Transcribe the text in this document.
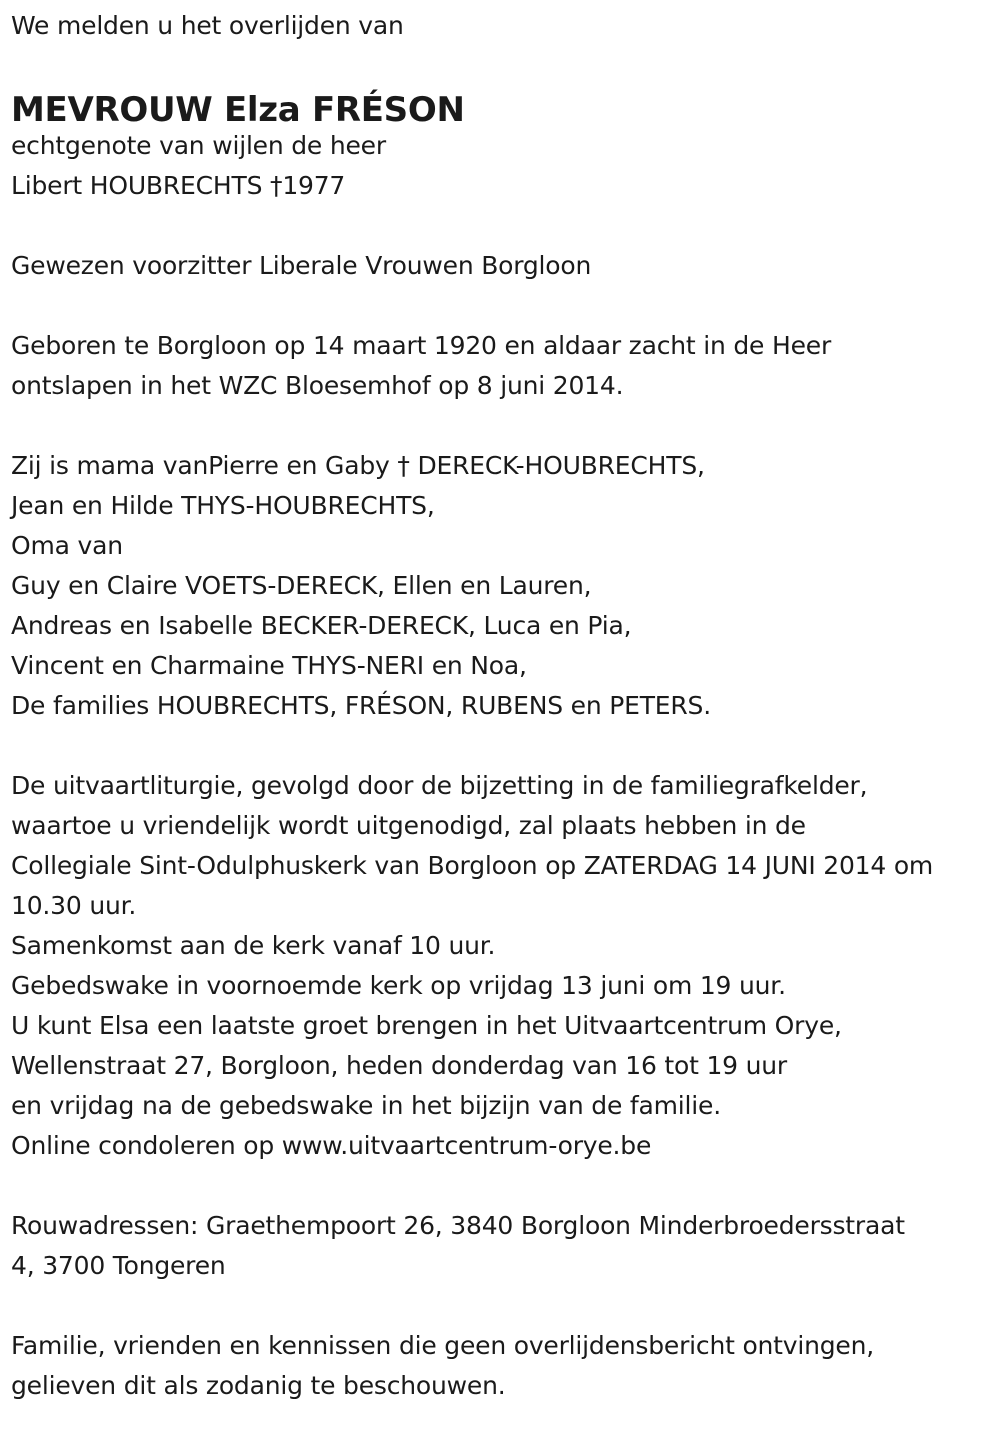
We melden u het overlijden van
MEVROUW Elza FRÉSON
echtgenote van wijlen de heer
Libert HOUBRECHTS †1977
Gewezen voorzitter Liberale Vrouwen Borgloon
Geboren te Borgloon op 14 maart 1920 en aldaar zacht in de Heer
ontslapen in het WZC Bloesemhof op 8 juni 2014.
Zij is mama vanPierre en Gaby † DERECK-HOUBRECHTS,
Jean en Hilde THYS-HOUBRECHTS,
Oma van
Guy en Claire VOETS-DERECK, Ellen en Lauren,
Andreas en Isabelle BECKER-DERECK, Luca en Pia,
Vincent en Charmaine THYS-NERI en Noa,
De families HOUBRECHTS, FRÉSON, RUBENS en PETERS.
De uitvaartliturgie, gevolgd door de bijzetting in de familiegrafkelder,
waartoe u vriendelijk wordt uitgenodigd, zal plaats hebben in de
Collegiale Sint-Odulphuskerk van Borgloon op ZATERDAG 14 JUNI 2014 om
10.30 uur.
Samenkomst aan de kerk vanaf 10 uur.
Gebedswake in voornoemde kerk op vrijdag 13 juni om 19 uur.
U kunt Elsa een laatste groet brengen in het Uitvaartcentrum Orye,
Wellenstraat 27, Borgloon, heden donderdag van 16 tot 19 uur
en vrijdag na de gebedswake in het bijzijn van de familie.
Online condoleren op www.uitvaartcentrum-orye.be
Rouwadressen: Graethempoort 26, 3840 Borgloon Minderbroedersstraat
4, 3700 Tongeren
Familie, vrienden en kennissen die geen overlijdensbericht ontvingen,
gelieven dit als zodanig te beschouwen.
